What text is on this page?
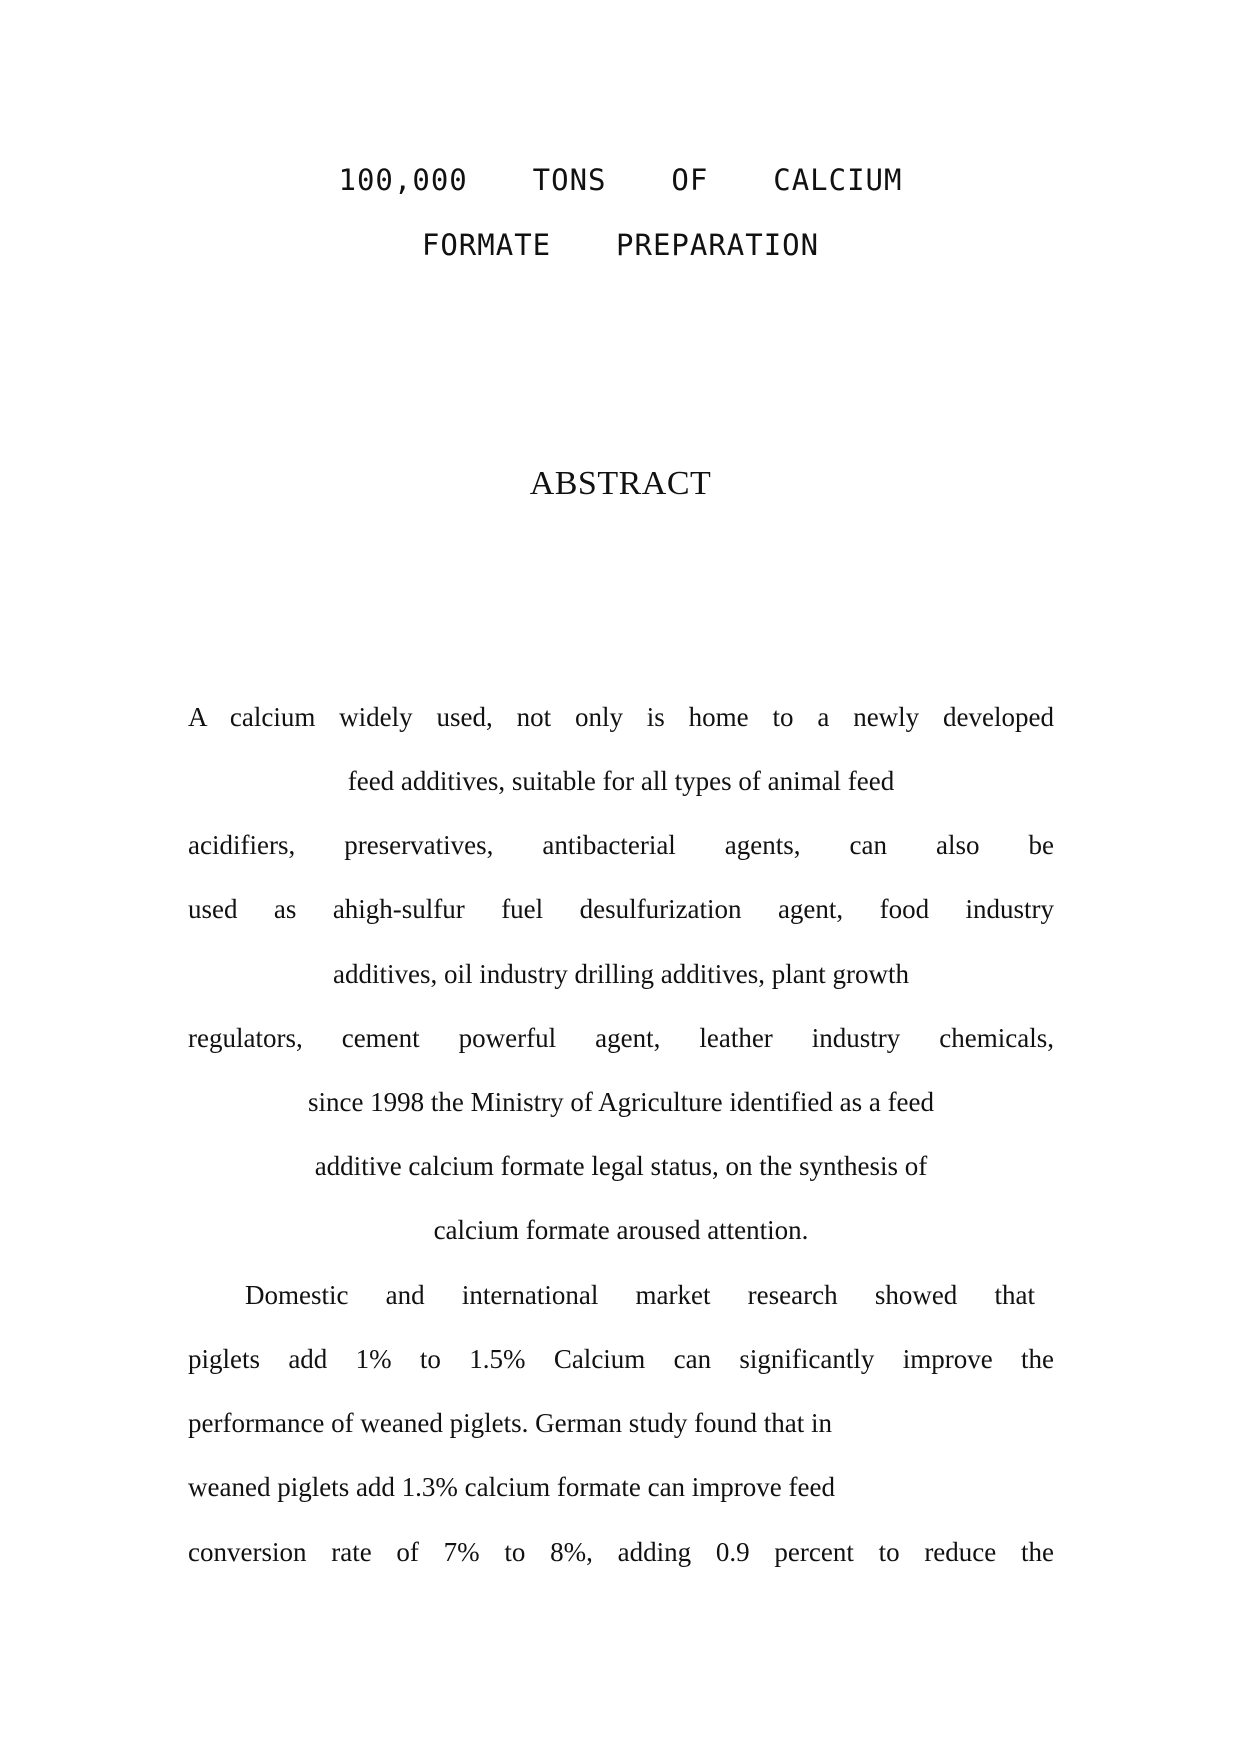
100,000  TONS  OF  CALCIUM
FORMATE  PREPARATION
ABSTRACT
A calcium widely used, not only is home to a newly developed
feed additives, suitable for all types of animal feed
acidifiers, preservatives, antibacterial agents, can also be
used as ahigh-sulfur fuel desulfurization agent, food industry
additives, oil industry drilling additives, plant growth
regulators, cement powerful agent, leather industry chemicals,
since 1998 the Ministry of Agriculture identified as a feed
additive calcium formate legal status, on the synthesis of
calcium formate aroused attention.
Domestic and international market research showed that
piglets add 1% to 1.5% Calcium can significantly improve the
performance of weaned piglets. German study found that in
weaned piglets add 1.3% calcium formate can improve feed
conversion rate of 7% to 8%, adding 0.9 percent to reduce the
